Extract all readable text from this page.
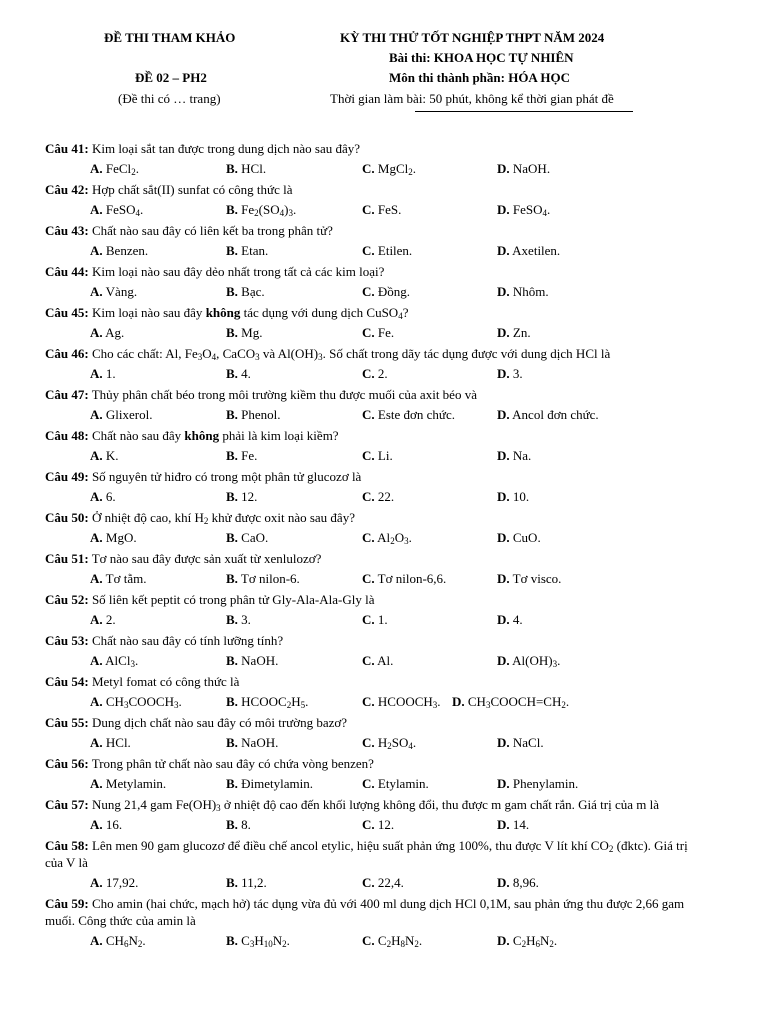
ĐỀ THI THAM KHẢO
ĐỀ 02 – PH2
(Đề thi có … trang)
KỲ THI THỬ TỐT NGHIỆP THPT NĂM 2024
Bài thi: KHOA HỌC TỰ NHIÊN
Môn thi thành phần: HÓA HỌC
Thời gian làm bài: 50 phút, không kể thời gian phát đề
Câu 41: Kim loại sắt tan được trong dung dịch nào sau đây?
A. FeCl$_2$.	B. HCl.	C. MgCl$_2$.	D. NaOH.
Câu 42: Hợp chất sắt(II) sunfat có công thức là
A. FeSO$_4$.	B. $Fe_2(SO_4)_3$.	C. FeS.	D. FeSO$_4$.
Câu 43: Chất nào sau đây có liên kết ba trong phân tử?
A. Benzen.	B. Etan.	C. Etilen.	D. Axetilen.
Câu 44: Kim loại nào sau đây dẻo nhất trong tất cả các kim loại?
A. Vàng.	B. Bạc.	C. Đồng.	D. Nhôm.
Câu 45: Kim loại nào sau đây không tác dụng với dung dịch CuSO$_4$?
A. Ag.	B. Mg.	C. Fe.	D. Zn.
Câu 46: Cho các chất: Al, $Fe_3O_4$, CaCO$_3$ và $Al(OH)_3$. Số chất trong dãy tác dụng được với dung dịch HCl là
A. 1.	B. 4.	C. 2.	D. 3.
Câu 47: Thủy phân chất béo trong môi trường kiềm thu được muối của axit béo và
A. Glixerol.	B. Phenol.	C. Este đơn chức.	D. Ancol đơn chức.
Câu 48: Chất nào sau đây không phải là kim loại kiềm?
A. K.	B. Fe.	C. Li.	D. Na.
Câu 49: Số nguyên tử hiđro có trong một phân tử glucozơ là
A. 6.	B. 12.	C. 22.	D. 10.
Câu 50: Ở nhiệt độ cao, khí $H_2$ khử được oxit nào sau đây?
A. MgO.	B. CaO.	C. $Al_2O_3$.	D. CuO.
Câu 51: Tơ nào sau đây được sản xuất từ xenlulozơ?
A. Tơ tằm.	B. Tơ nilon-6.	C. Tơ nilon-6,6.	D. Tơ visco.
Câu 52: Số liên kết peptit có trong phân tử Gly-Ala-Ala-Gly là
A. 2.	B. 3.	C. 1.	D. 4.
Câu 53: Chất nào sau đây có tính lưỡng tính?
A. AlCl$_3$.	B. NaOH.	C. Al.	D. $Al(OH)_3$.
Câu 54: Metyl fomat có công thức là
A. $CH_3COOCH_3$.	B. $HCOOC_2H_5$.	C. $HCOOCH_3$. D. $CH_3COOCH=CH_2$.
Câu 55: Dung dịch chất nào sau đây có môi trường bazơ?
A. HCl.	B. NaOH.	C. $H_2SO_4$.	D. NaCl.
Câu 56: Trong phân tử chất nào sau đây có chứa vòng benzen?
A. Metylamin.	B. Đimetylamin.	C. Etylamin.	D. Phenylamin.
Câu 57: Nung 21,4 gam $Fe(OH)_3$ ở nhiệt độ cao đến khối lượng không đổi, thu được m gam chất rắn. Giá trị của m là
A. 16.	B. 8.	C. 12.	D. 14.
Câu 58: Lên men 90 gam glucozơ để điều chế ancol etylic, hiệu suất phản ứng 100%, thu được V lít khí $CO_2$ (đktc). Giá trị của V là
A. 17,92.	B. 11,2.	C. 22,4.	D. 8,96.
Câu 59: Cho amin (hai chức, mạch hở) tác dụng vừa đủ với 400 ml dung dịch HCl 0,1M, sau phản ứng thu được 2,66 gam muối. Công thức của amin là
A. $CH_6N_2$.	B. $C_3H_{10}N_2$.	C. $C_2H_8N_2$.	D. $C_2H_6N_2$.
